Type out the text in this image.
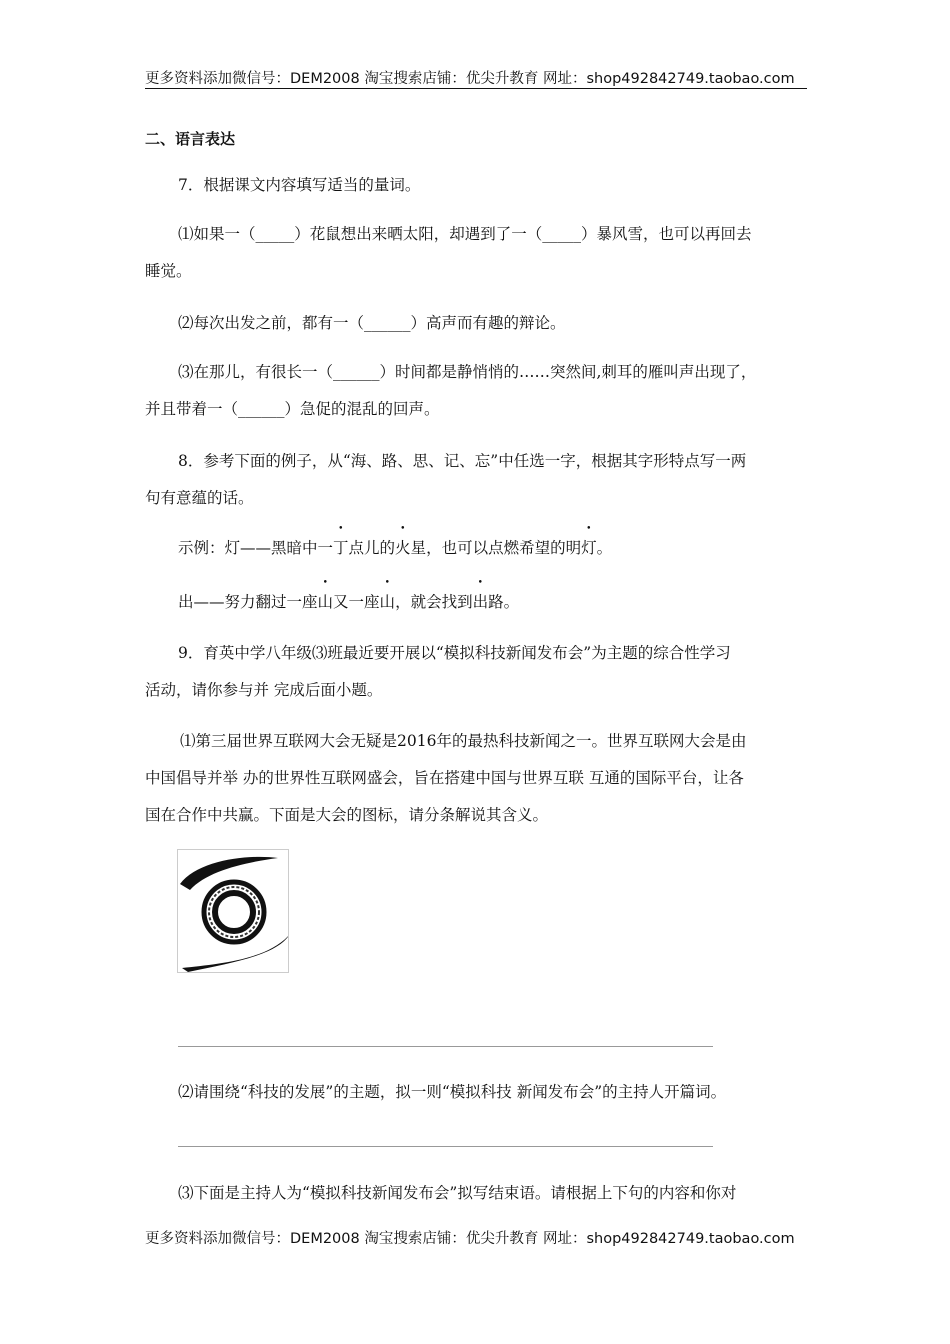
更多资料添加微信号：DEM2008 淘宝搜索店铺：优尖升教育 网址：shop492842749.taobao.com
二、语言表达
7．根据课文内容填写适当的量词。
⑴如果一（_____）花鼠想出来晒太阳，却遇到了一（_____）暴风雪，也可以再回去
睡觉。
⑵每次出发之前，都有一（______）高声而有趣的辩论。
⑶在那儿，有很长一（______）时间都是静悄悄的……突然间,刺耳的雁叫声出现了，
并且带着一（______）急促的混乱的回声。
8．参考下面的例子，从“海、路、思、记、忘”中任选一字，根据其字形特点写一两
句有意蕴的话。
示例：灯——黑暗中一丁点儿的火星，也可以点燃希望的明灯。
出——努力翻过一座山又一座山，就会找到出路。
9．育英中学八年级⑶班最近要开展以“模拟科技新闻发布会”为主题的综合性学习
活动，请你参与并 完成后面小题。
⑴第三届世界互联网大会无疑是2016年的最热科技新闻之一。世界互联网大会是由
中国倡导并举 办的世界性互联网盛会，旨在搭建中国与世界互联 互通的国际平台，让各
国在合作中共赢。下面是大会的图标，请分条解说其含义。
⑵请围绕“科技的发展”的主题，拟一则“模拟科技 新闻发布会”的主持人开篇词。
⑶下面是主持人为“模拟科技新闻发布会”拟写结束语。请根据上下句的内容和你对
更多资料添加微信号：DEM2008 淘宝搜索店铺：优尖升教育 网址：shop492842749.taobao.com
